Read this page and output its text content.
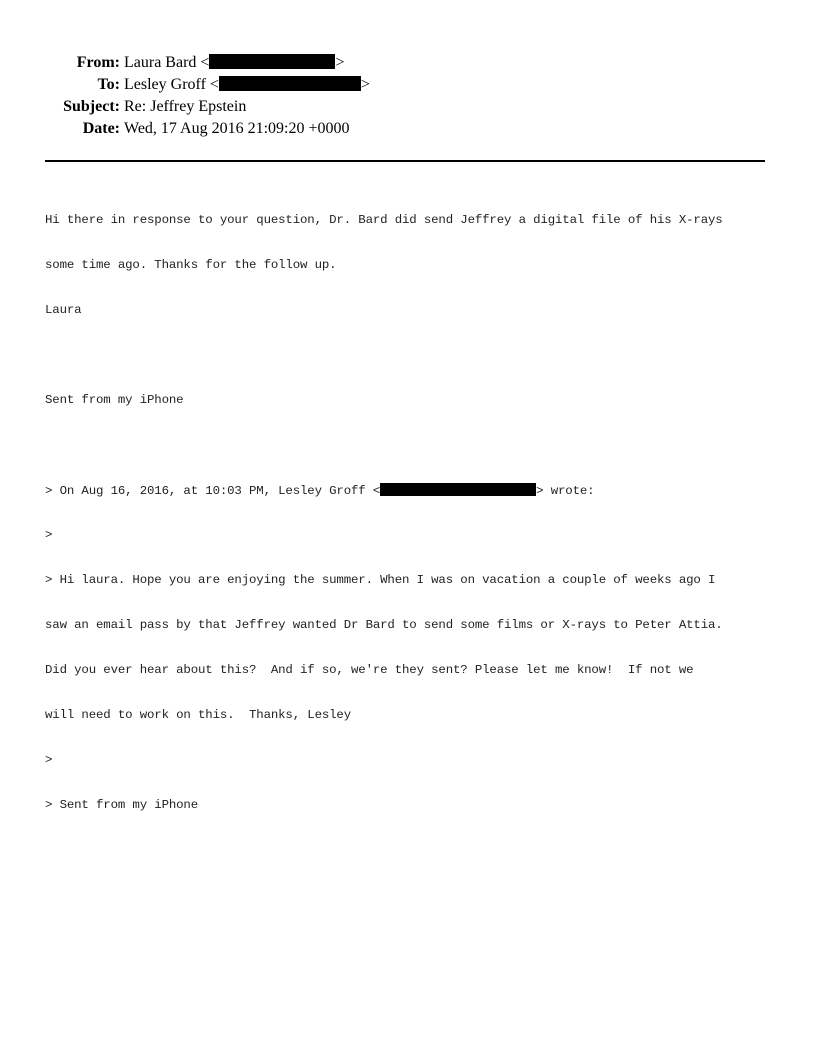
From: Laura Bard <	>
To: Lesley Groff <	>
Subject: Re: Jeffrey Epstein
Date: Wed, 17 Aug 2016 21:09:20 +0000

Hi there in response to your question, Dr. Bard did send Jeffrey a digital file of his X-rays

some time ago. Thanks for the follow up.

Laura

Sent from my iPhone

> On Aug 16, 2016, at 10:03 PM, Lesley Groff <	> wrote:

>

> Hi laura. Hope you are enjoying the summer. When I was on vacation a couple of weeks ago I

saw an email pass by that Jeffrey wanted Dr Bard to send some films or X-rays to Peter Attia.

Did you ever hear about this?  And if so, we're they sent? Please let me know!  If not we

will need to work on this.  Thanks, Lesley

>

> Sent from my iPhone
